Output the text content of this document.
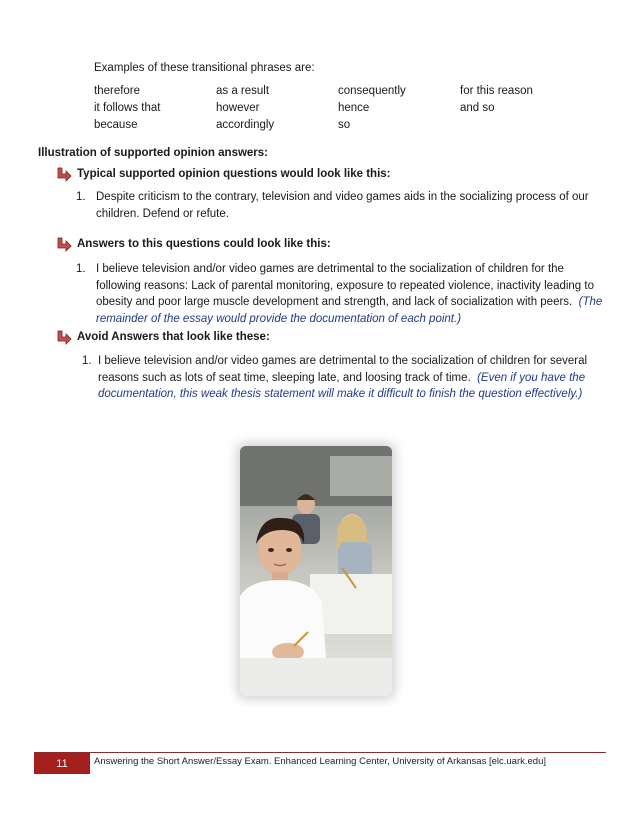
Examples of these transitional phrases are:
therefore	as a result	consequently	for this reason
it follows that	however	hence	and so
because	accordingly	so
Illustration of supported opinion answers:
Typical supported opinion questions would look like this:
1. Despite criticism to the contrary, television and video games aids in the socializing process of our children. Defend or refute.
Answers to this questions could look like this:
1. I believe television and/or video games are detrimental to the socialization of children for the following reasons: Lack of parental monitoring, exposure to repeated violence, inactivity leading to obesity and poor large muscle development and strength, and lack of socialization with peers. (The remainder of the essay would provide the documentation of each point.)
Avoid Answers that look like these:
1. I believe television and/or video games are detrimental to the socialization of children for several reasons such as lots of seat time, sleeping late, and loosing track of time. (Even if you have the documentation, this weak thesis statement will make it difficult to finish the question effectively.)
11	Answering the Short Answer/Essay Exam. Enhanced Learning Center, University of Arkansas [elc.uark.edu]
